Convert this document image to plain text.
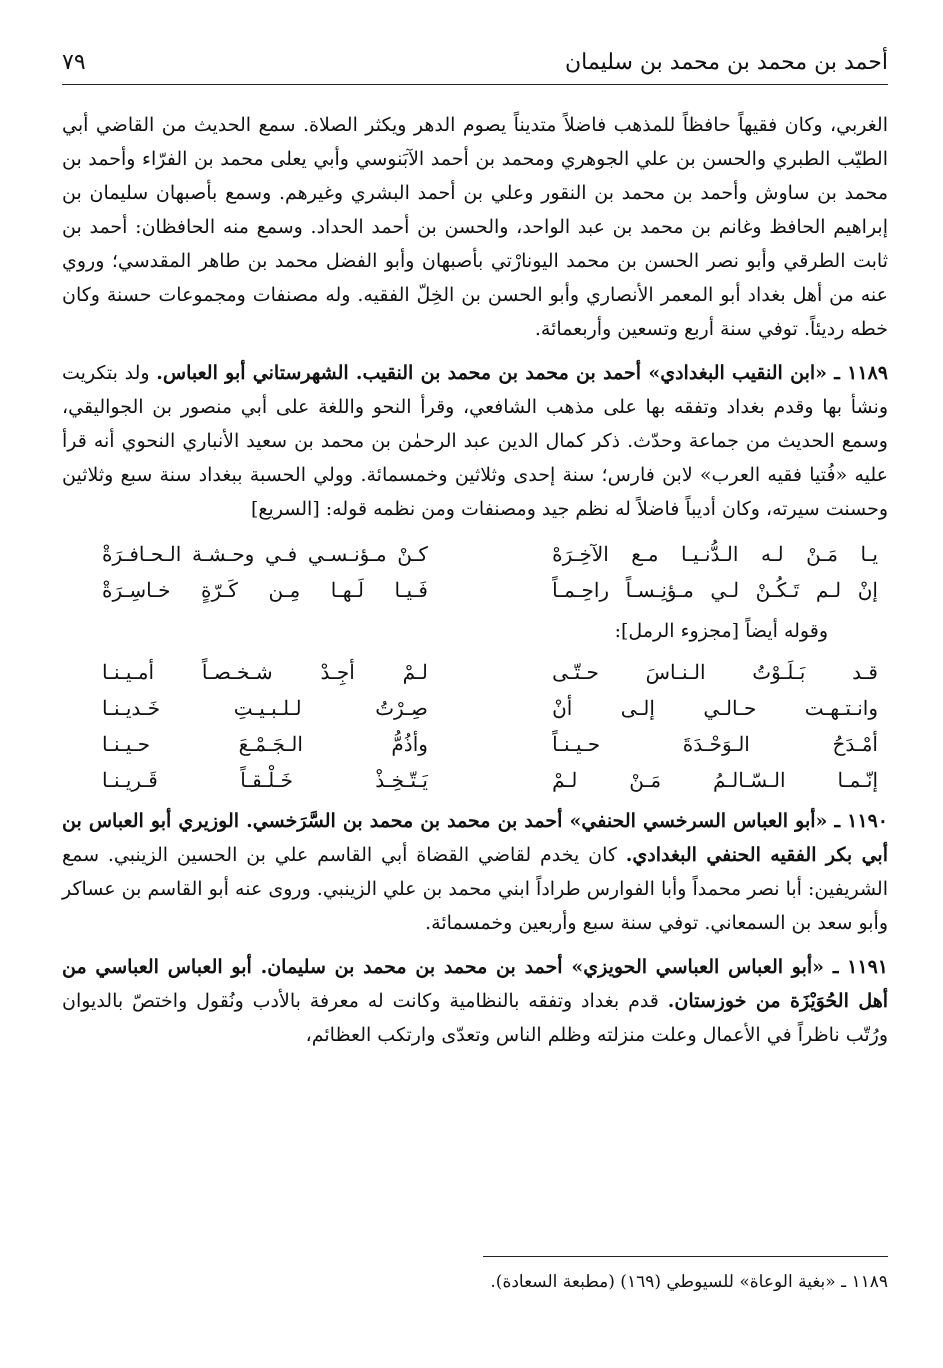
أحمد بن محمد بن محمد بن سليمان
٧٩

الغربي، وكان فقيهاً حافظاً للمذهب فاضلاً متديناً يصوم الدهر ويكثر الصلاة. سمع الحديث من القاضي أبي الطيّب الطبري والحسن بن علي الجوهري ومحمد بن أحمد الآبَنوسي وأبي يعلى محمد بن الفرّاء وأحمد بن محمد بن ساوش وأحمد بن محمد بن النقور وعلي بن أحمد البشري وغيرهم. وسمع بأصبهان سليمان بن إبراهيم الحافظ وغانم بن محمد بن عبد الواحد، والحسن بن أحمد الحداد. وسمع منه الحافظان: أحمد بن ثابت الطرقي وأبو نصر الحسن بن محمد اليونارْتي بأصبهان وأبو الفضل محمد بن طاهر المقدسي؛ وروي عنه من أهل بغداد أبو المعمر الأنصاري وأبو الحسن بن الخِلّ الفقيه. وله مصنفات ومجموعات حسنة وكان خطه رديئاً. توفي سنة أربع وتسعين وأربعمائة.

١١٨٩ ـ «ابن النقيب البغدادي» أحمد بن محمد بن محمد بن النقيب. الشهرستاني أبو العباس. ولد بتكريت ونشأ بها وقدم بغداد وتفقه بها على مذهب الشافعي، وقرأ النحو واللغة على أبي منصور بن الجواليقي، وسمع الحديث من جماعة وحدّث. ذكر كمال الدين عبد الرحمٰن بن محمد بن سعيد الأنباري النحوي أنه قرأ عليه «فُتيا فقيه العرب» لابن فارس؛ سنة إحدى وثلاثين وخمسمائة. وولي الحسبة ببغداد سنة سبع وثلاثين وحسنت سيرته، وكان أديباً فاضلاً له نظم جيد ومصنفات ومن نظمه قوله: [السريع]

يـا مَـنْ لـه الـدُّنـيـا مـع الآخِـرَهْ
كـنْ مـؤنـسـي فـي وحـشـة الـحـافـرَةْ
إنْ لـم تَـكُـنْ لـي مـؤنِـسـاً راحِـمـاً
فَـيـا لَـهـا مِـن كَـرّةٍ خـاسِـرَةْ
وقوله أيضاً [مجزوء الرمل]:
قـد بَـلَـوْتُ الـنـاسَ حـتّـى
لـمْ أجِـدْ شـخـصـاً أمـيـنـا
وانـتـهـت حـالـي إلـى أنْ
صِـرْتُ لـلـبـيـتِ خَـديـنـا
أمْـدَحُ الـوَحْـدَةَ حـيـنـاً
وأذُمُّ الـجَـمْـعَ حـيـنـا
إنّـمـا الـسّـالـمُ مَـنْ لـمْ
يَـتّـخِـذْ خَـلْـقـاً قَـريـنـا

١١٩٠ ـ «أبو العباس السرخسي الحنفي» أحمد بن محمد بن محمد بن السَّرَخسي. الوزيري أبو العباس بن أبي بكر الفقيه الحنفي البغدادي. كان يخدم لقاضي القضاة أبي القاسم علي بن الحسين الزينبي. سمع الشريفين: أبا نصر محمداً وأبا الفوارس طراداً ابني محمد بن علي الزينبي. وروى عنه أبو القاسم بن عساكر وأبو سعد بن السمعاني. توفي سنة سبع وأربعين وخمسمائة.

١١٩١ ـ «أبو العباس العباسي الحويزي» أحمد بن محمد بن محمد بن سليمان. أبو العباس العباسي من أهل الحُوَيْزَة من خوزستان. قدم بغداد وتفقه بالنظامية وكانت له معرفة بالأدب ونُقول واختصّ بالديوان ورُتّب ناظراً في الأعمال وعلت منزلته وظلم الناس وتعدّى وارتكب العظائم،

١١٨٩ ـ «بغية الوعاة» للسيوطي (١٦٩) (مطبعة السعادة).
